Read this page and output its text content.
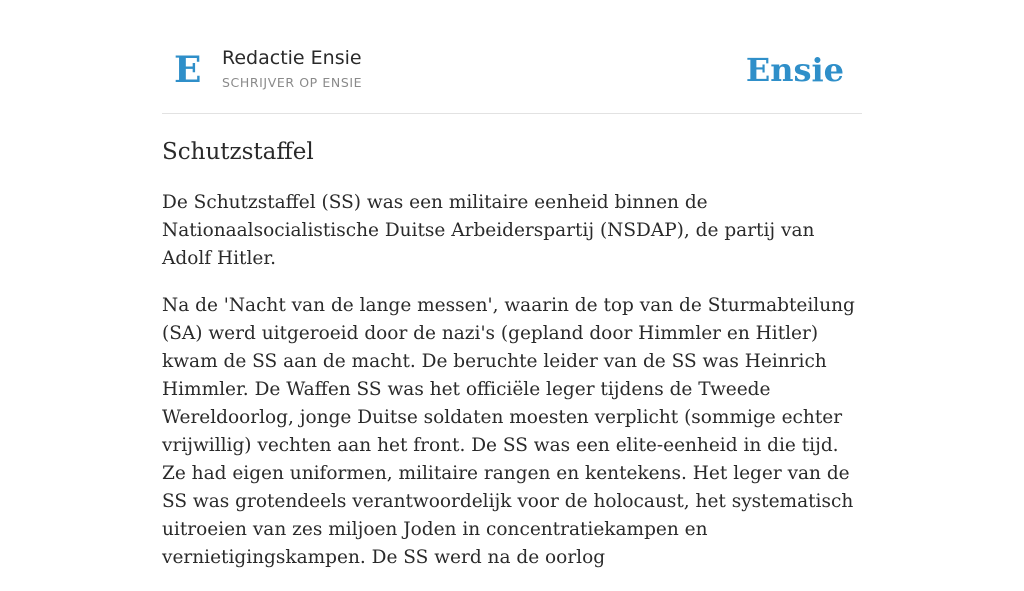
E Redactie Ensie
SCHRIJVER OP ENSIE	Ensie
Schutzstaffel

De Schutzstaffel (SS) was een militaire eenheid binnen de Nationaalsocialistische Duitse Arbeiderspartij (NSDAP), de partij van Adolf Hitler.

Na de 'Nacht van de lange messen', waarin de top van de Sturmabteilung (SA) werd uitgeroeid door de nazi's (gepland door Himmler en Hitler) kwam de SS aan de macht. De beruchte leider van de SS was Heinrich Himmler. De Waffen SS was het officiële leger tijdens de Tweede Wereldoorlog, jonge Duitse soldaten moesten verplicht (sommige echter vrijwillig) vechten aan het front. De SS was een elite-eenheid in die tijd. Ze had eigen uniformen, militaire rangen en kentekens. Het leger van de SS was grotendeels verantwoordelijk voor de holocaust, het systematisch uitroeien van zes miljoen Joden in concentratiekampen en vernietigingskampen. De SS werd na de oorlog
